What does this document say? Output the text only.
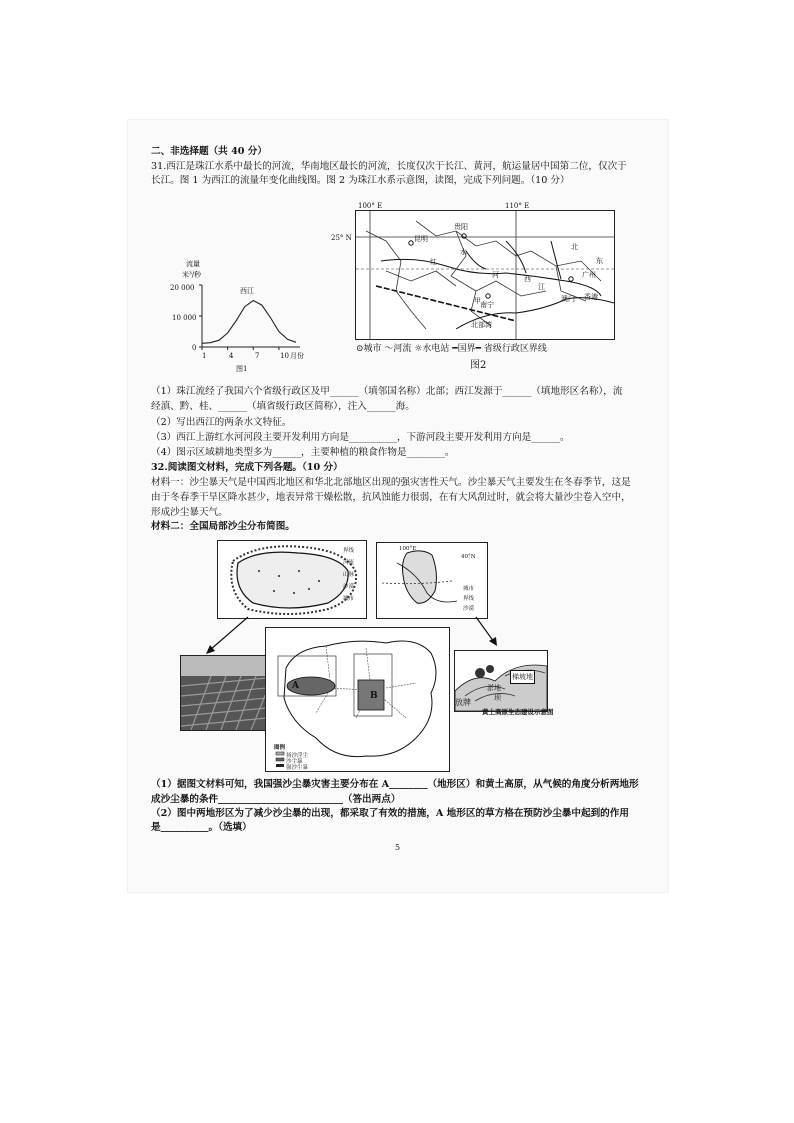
二、非选择题（共 40 分）
31.西江是珠江水系中最长的河流，华南地区最长的河流，长度仅次于长江、黄河，航运量居中国第二位，仅次于
长江。图 1 为西江的流量年变化曲线图。图 2 为珠江水系示意图，读图，完成下列问题。（10 分）
流量
米³/秒
西江
20 000
10 000
0
1	4	7	10 月份
图1
100° E	110° E
25° N	昆明
贵阳
南宁
广州
澳门 香港
北部湾
甲
红
水
河	西
江
北
东
⊙城市 〜河流 ☼水电站 ━国界━ 省级行政区界线
图2
（1）珠江流经了我国六个省级行政区及甲______（填邻国名称）北部；西江发源于______（填地形区名称），流
经滇、黔、桂、______（填省级行政区简称），注入______海。
（2）写出西江的两条水文特征。
（3）西江上游红水河河段主要开发利用方向是__________，下游河段主要开发利用方向是______。
（4）图示区域耕地类型多为______，主要种植的粮食作物是________。
32.阅读图文材料，完成下列各题。（10 分）
材料一：沙尘暴天气是中国西北地区和华北北部地区出现的强灾害性天气。沙尘暴天气主要发生在冬春季节，这是
由于冬春季干旱区降水甚少，地表异常干燥松散，抗风蚀能力很弱，在有大风刮过时，就会将大量沙尘卷入空中，
形成沙尘暴天气。
材料二：全国局部沙尘分布简图。
界线
河流
山脉
沙漠
城市
100°E
40°N
城市
界线
沙漠
A
B
图例
扬沙浮尘
沙尘暴
强沙尘暴
梯坡地
淤地
坝
放牌
黄土高原生态建设示意图
（1）据图文材料可知，我国强沙尘暴灾害主要分布在 A________（地形区）和黄土高原，从气候的角度分析两地形
成沙尘暴的条件__________________________（答出两点）
（2）图中两地形区为了减少沙尘暴的出现，都采取了有效的措施，A 地形区的草方格在预防沙尘暴中起到的作用
是__________。（选填）
5
